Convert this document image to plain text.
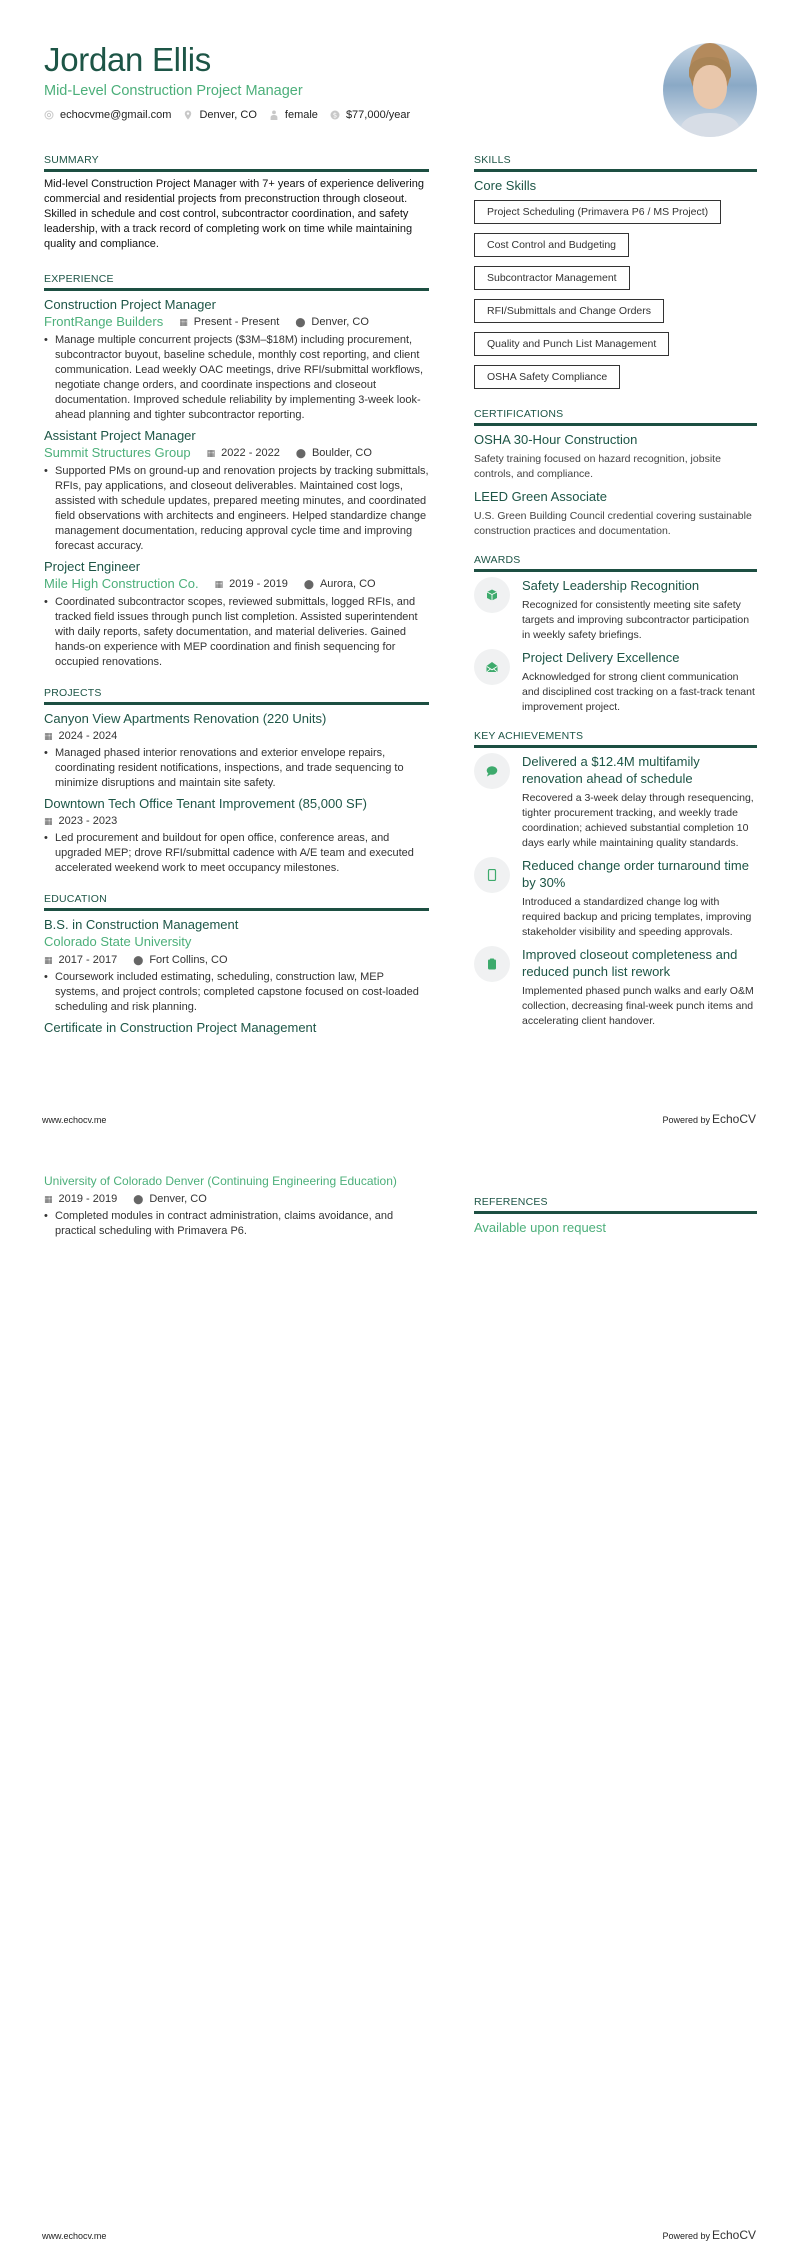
Jordan Ellis
Mid-Level Construction Project Manager
echocvme@gmail.com	Denver, CO	female $ $77,000/year
SUMMARY
Mid-level Construction Project Manager with 7+ years of experience delivering commercial and residential projects from preconstruction through closeout. Skilled in schedule and cost control, subcontractor coordination, and safety leadership, with a track record of completing work on time while maintaining quality and compliance.
EXPERIENCE
Construction Project Manager
FrontRange Builders ▦ Present - Present ⬤ Denver, CO
• Manage multiple concurrent projects ($3M–$18M) including procurement, subcontractor buyout, baseline schedule, monthly cost reporting, and client communication. Lead weekly OAC meetings, drive RFI/submittal workflows, negotiate change orders, and coordinate inspections and closeout documentation. Improved schedule reliability by implementing 3-week look-ahead planning and tighter subcontractor reporting.
Assistant Project Manager
Summit Structures Group ▦ 2022 - 2022 ⬤ Boulder, CO
• Supported PMs on ground-up and renovation projects by tracking submittals, RFIs, pay applications, and closeout deliverables. Maintained cost logs, assisted with schedule updates, prepared meeting minutes, and coordinated field observations with architects and engineers. Helped standardize change management documentation, reducing approval cycle time and improving forecast accuracy.
Project Engineer
Mile High Construction Co. ▦ 2019 - 2019 ⬤ Aurora, CO
• Coordinated subcontractor scopes, reviewed submittals, logged RFIs, and tracked field issues through punch list completion. Assisted superintendent with daily reports, safety documentation, and material deliveries. Gained hands-on experience with MEP coordination and finish sequencing for occupied renovations.
PROJECTS
Canyon View Apartments Renovation (220 Units)
▦ 2024 - 2024
• Managed phased interior renovations and exterior envelope repairs, coordinating resident notifications, inspections, and trade sequencing to minimize disruptions and maintain site safety.
Downtown Tech Office Tenant Improvement (85,000 SF)
▦ 2023 - 2023
• Led procurement and buildout for open office, conference areas, and upgraded MEP; drove RFI/submittal cadence with A/E team and executed accelerated weekend work to meet occupancy milestones.
EDUCATION
B.S. in Construction Management
Colorado State University
▦ 2017 - 2017 ⬤ Fort Collins, CO
• Coursework included estimating, scheduling, construction law, MEP systems, and project controls; completed capstone focused on cost-loaded scheduling and risk planning.
Certificate in Construction Project Management
SKILLS
Core Skills
Project Scheduling (Primavera P6 / MS Project)
Cost Control and Budgeting
Subcontractor Management
RFI/Submittals and Change Orders
Quality and Punch List Management
OSHA Safety Compliance
CERTIFICATIONS
OSHA 30-Hour Construction
Safety training focused on hazard recognition, jobsite controls, and compliance.
LEED Green Associate
U.S. Green Building Council credential covering sustainable construction practices and documentation.
AWARDS
Safety Leadership Recognition
Recognized for consistently meeting site safety targets and improving subcontractor participation in weekly safety briefings.
Project Delivery Excellence
Acknowledged for strong client communication and disciplined cost tracking on a fast-track tenant improvement project.
KEY ACHIEVEMENTS
Delivered a $12.4M multifamily renovation ahead of schedule
Recovered a 3-week delay through resequencing, tighter procurement tracking, and weekly trade coordination; achieved substantial completion 10 days early while maintaining quality standards.
Reduced change order turnaround time by 30%
Introduced a standardized change log with required backup and pricing templates, improving stakeholder visibility and speeding approvals.
Improved closeout completeness and reduced punch list rework
Implemented phased punch walks and early O&M collection, decreasing final-week punch items and accelerating client handover.
www.echocv.me	Powered by EchoCV
University of Colorado Denver (Continuing Engineering Education)
▦ 2019 - 2019 ⬤ Denver, CO
• Completed modules in contract administration, claims avoidance, and practical scheduling with Primavera P6.
REFERENCES
Available upon request
www.echocv.me	Powered by EchoCV
